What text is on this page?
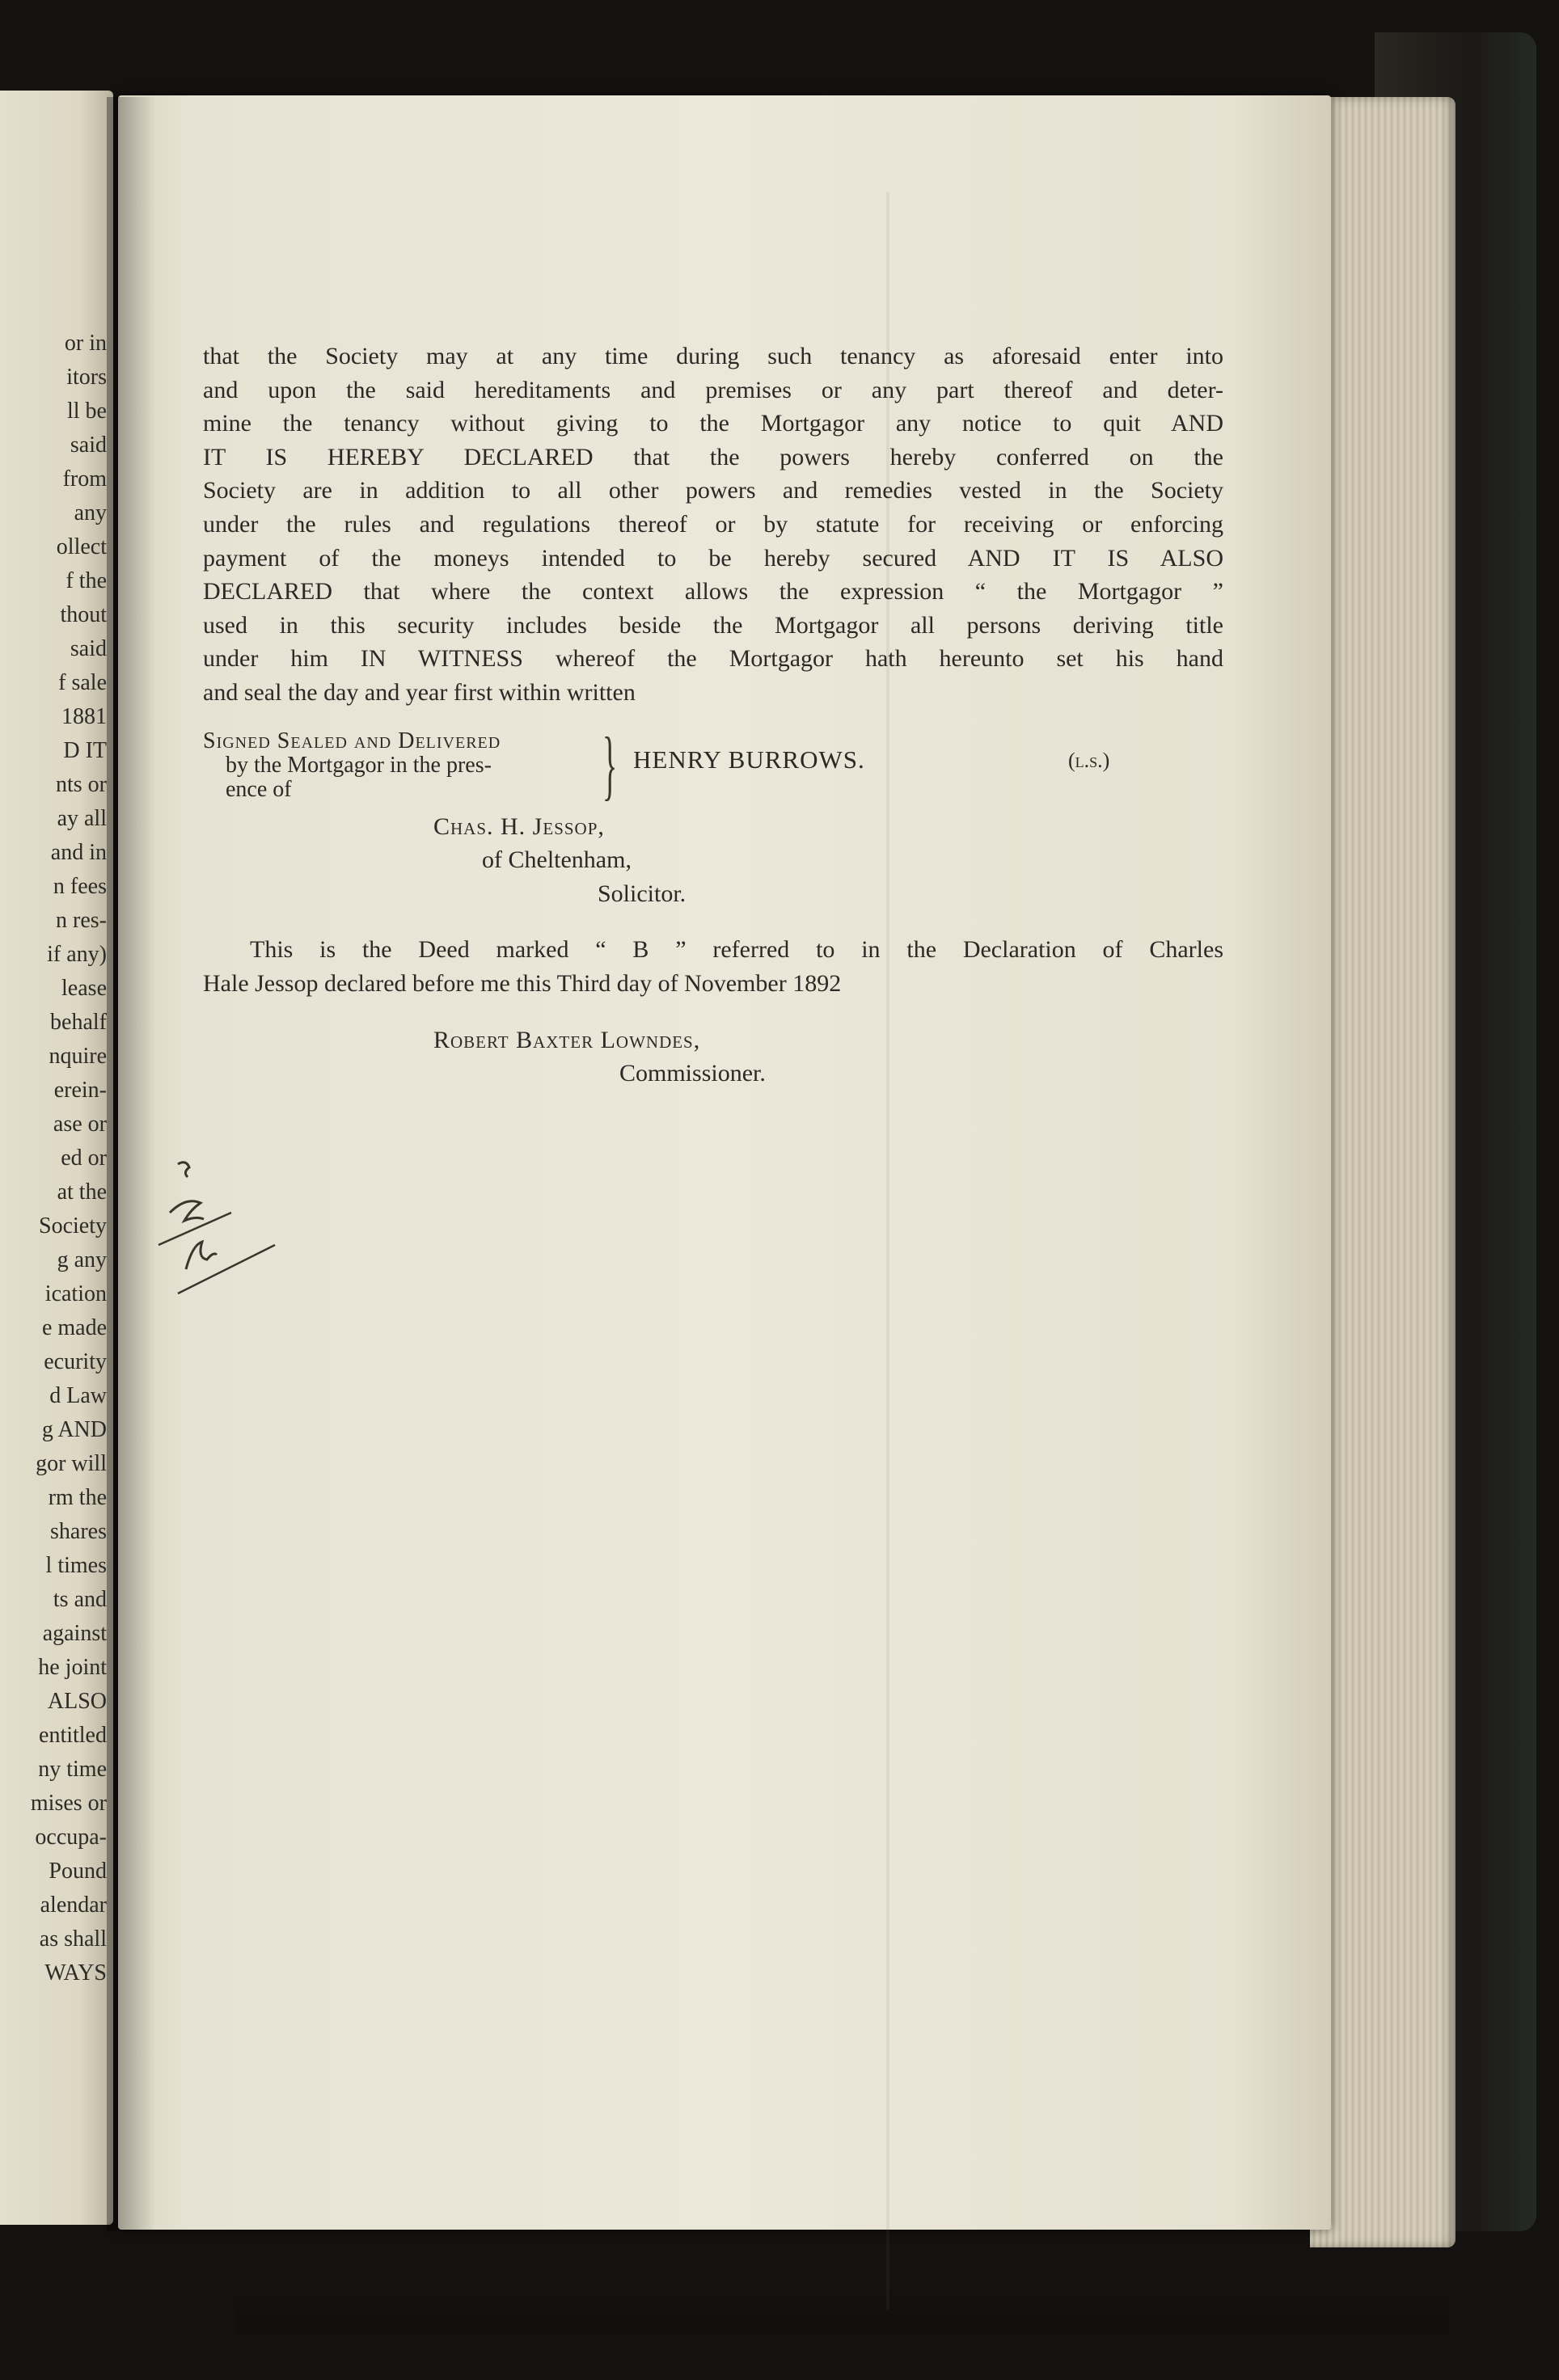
or in
itors
ll be
said
from
any
ollect
f the
thout
said
f sale
1881
D IT
nts or
ay all
and in
n fees
n res-
if any)
lease
behalf
nquire
erein-
ase or
ed or
at the
Society
g any
ication
e made
ecurity
d Law
g AND
gor will
rm the
shares
l times
ts and
against
he joint
ALSO
entitled
ny time
mises or
occupa-
Pound
alendar
as shall
WAYS

that the Society may at any time during such tenancy as aforesaid enter into
and upon the said hereditaments and premises or any part thereof and deter-
mine the tenancy without giving to the Mortgagor any notice to quit AND
IT IS HEREBY DECLARED that the powers hereby conferred on the
Society are in addition to all other powers and remedies vested in the Society
under the rules and regulations thereof or by statute for receiving or enforcing
payment of the moneys intended to be hereby secured AND IT IS ALSO
DECLARED that where the context allows the expression “ the Mortgagor ”
used in this security includes beside the Mortgagor all persons deriving title
under him IN WITNESS whereof the Mortgagor hath hereunto set his hand
and seal the day and year first within written

Signed Sealed and Delivered
by the Mortgagor in the pres-
ence of	} HENRY BURROWS.	(l.s.)
Chas. H. Jessop,
of Cheltenham,
Solicitor.
This is the Deed marked “ B ” referred to in the Declaration of Charles
Hale Jessop declared before me this Third day of November 1892
Robert Baxter Lowndes,
Commissioner.
